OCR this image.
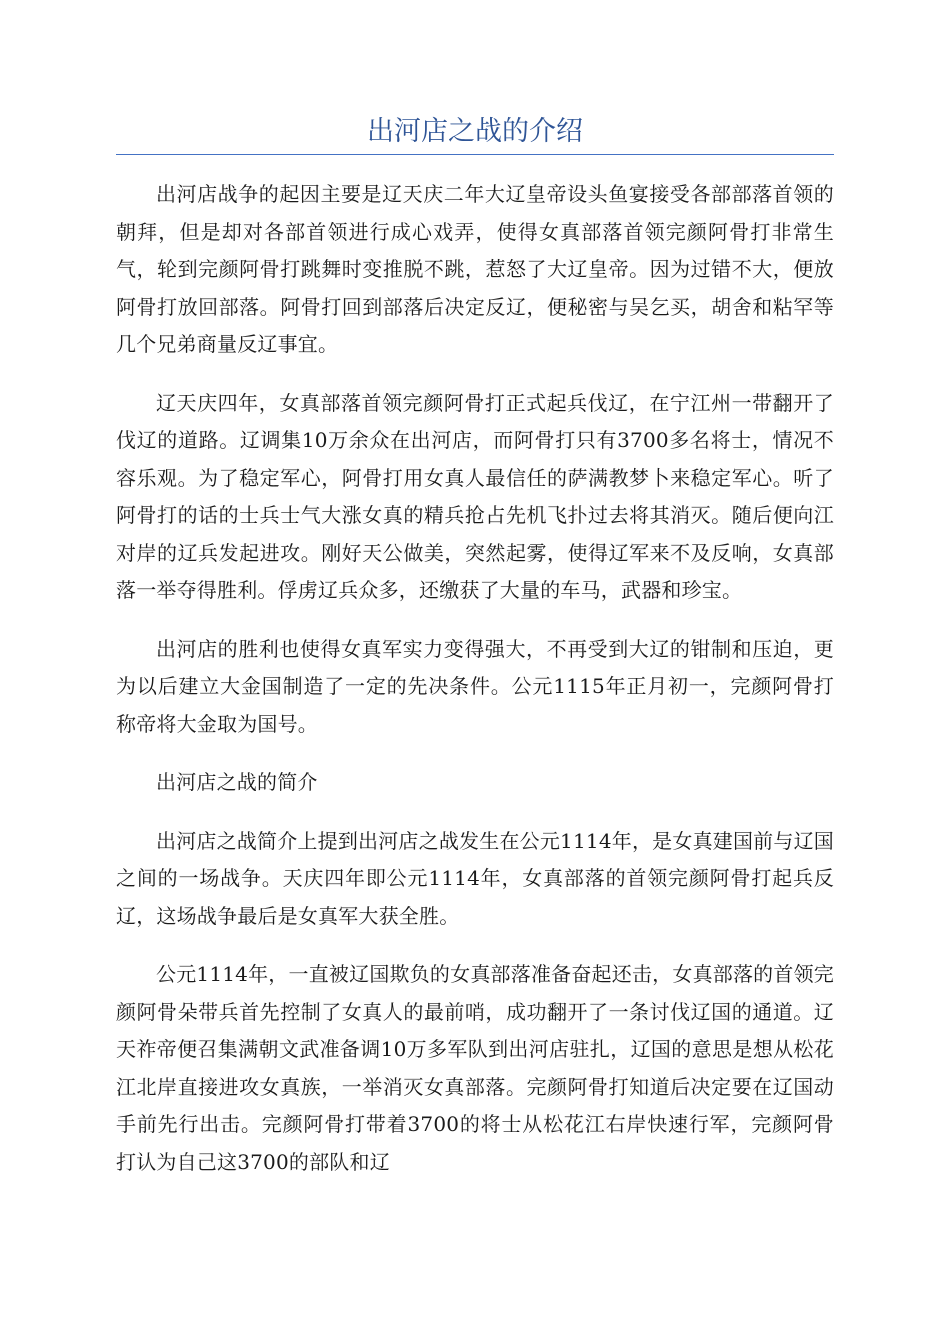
出河店之战的介绍

出河店战争的起因主要是辽天庆二年大辽皇帝设头鱼宴接受各部部落首领的朝拜，但是却对各部首领进行成心戏弄，使得女真部落首领完颜阿骨打非常生气，轮到完颜阿骨打跳舞时变推脱不跳，惹怒了大辽皇帝。因为过错不大，便放阿骨打放回部落。阿骨打回到部落后决定反辽，便秘密与吴乞买，胡舍和粘罕等几个兄弟商量反辽事宜。

辽天庆四年，女真部落首领完颜阿骨打正式起兵伐辽，在宁江州一带翻开了伐辽的道路。辽调集10万余众在出河店，而阿骨打只有3700多名将士，情况不容乐观。为了稳定军心，阿骨打用女真人最信任的萨满教梦卜来稳定军心。听了阿骨打的话的士兵士气大涨女真的精兵抢占先机飞扑过去将其消灭。随后便向江对岸的辽兵发起进攻。刚好天公做美，突然起雾，使得辽军来不及反响，女真部落一举夺得胜利。俘虏辽兵众多，还缴获了大量的车马，武器和珍宝。

出河店的胜利也使得女真军实力变得强大，不再受到大辽的钳制和压迫，更为以后建立大金国制造了一定的先决条件。公元1115年正月初一，完颜阿骨打称帝将大金取为国号。

出河店之战的简介

出河店之战简介上提到出河店之战发生在公元1114年，是女真建国前与辽国之间的一场战争。天庆四年即公元1114年，女真部落的首领完颜阿骨打起兵反辽，这场战争最后是女真军大获全胜。

公元1114年，一直被辽国欺负的女真部落准备奋起还击，女真部落的首领完颜阿骨朵带兵首先控制了女真人的最前哨，成功翻开了一条讨伐辽国的通道。辽天祚帝便召集满朝文武准备调10万多军队到出河店驻扎，辽国的意思是想从松花江北岸直接进攻女真族，一举消灭女真部落。完颜阿骨打知道后决定要在辽国动手前先行出击。完颜阿骨打带着3700的将士从松花江右岸快速行军，完颜阿骨打认为自己这3700的部队和辽
